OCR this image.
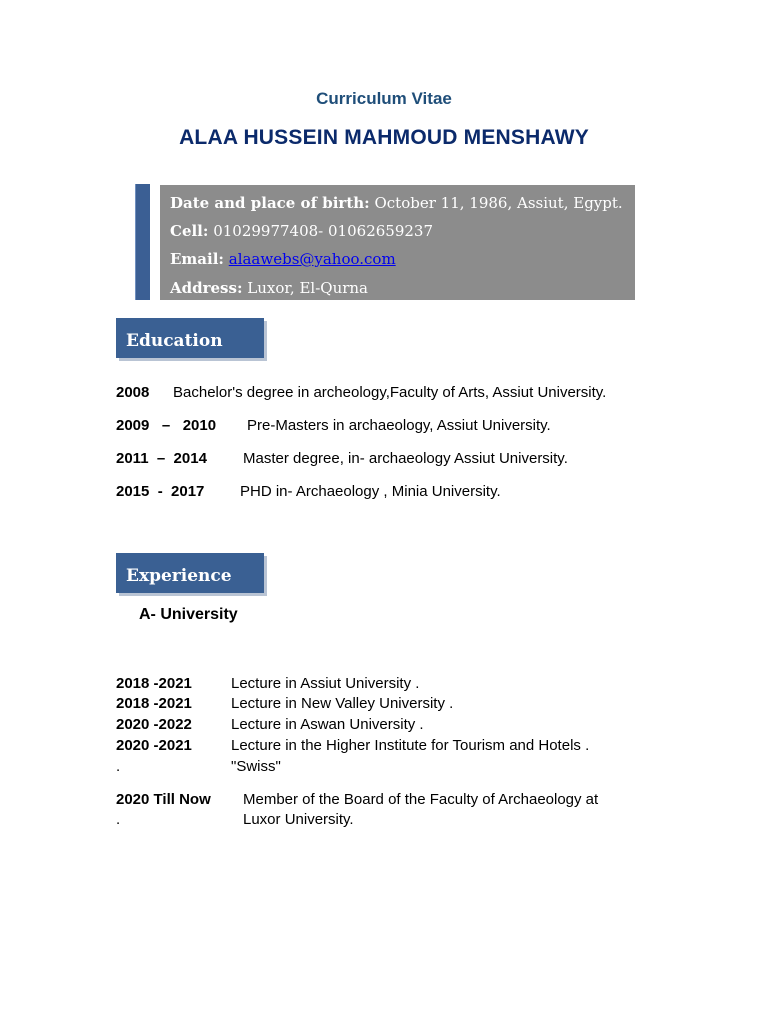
Curriculum Vitae
ALAA HUSSEIN MAHMOUD MENSHAWY
Date and place of birth: October 11, 1986, Assiut, Egypt.
Cell: 01029977408- 01062659237
Email: alaawebs@yahoo.com
Address: Luxor, El-Qurna
Education
2008 Bachelor's degree in archeology,Faculty of Arts, Assiut University.
2009   –   2010 Pre-Masters in archaeology, Assiut University.
2011  –  2014 Master degree, in- archaeology Assiut University.
2015  -  2017 PHD in- Archaeology , Minia University.
Experience
A- University
2018 -2021	Lecture in Assiut University .
2018 -2021	Lecture in New Valley University .
2020 -2022	Lecture in Aswan University .
2020 -2021	Lecture in the Higher Institute for Tourism and Hotels .
.	"Swiss"
2020 Till Now Member of the Board of the Faculty of Archaeology at
.	Luxor University.
